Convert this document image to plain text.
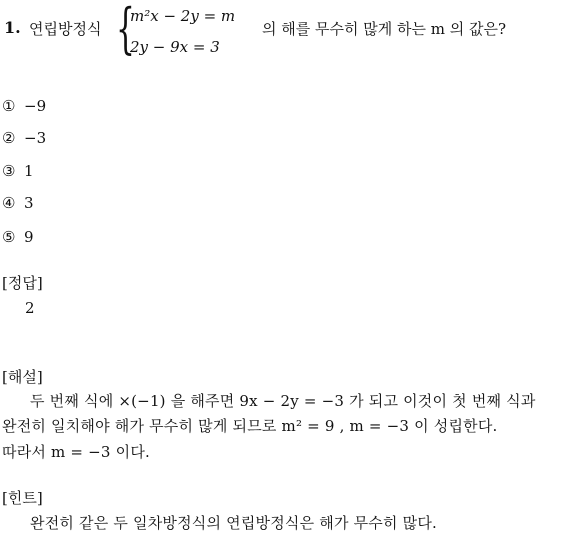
1. 연립방정식 {
m²x − 2y = m
2y − 9x = 3
의 해를 무수히 많게 하는 m 의 값은?
① −9
② −3
③ 1
④ 3
⑤ 9
[정답]
2
[해설]
두 번째 식에 ×(−1) 을 해주면 9x − 2y = −3 가 되고 이것이 첫 번째 식과
완전히 일치해야 해가 무수히 많게 되므로 m² = 9 , m = −3 이 성립한다.
따라서 m = −3 이다.
[힌트]
완전히 같은 두 일차방정식의 연립방정식은 해가 무수히 많다.
